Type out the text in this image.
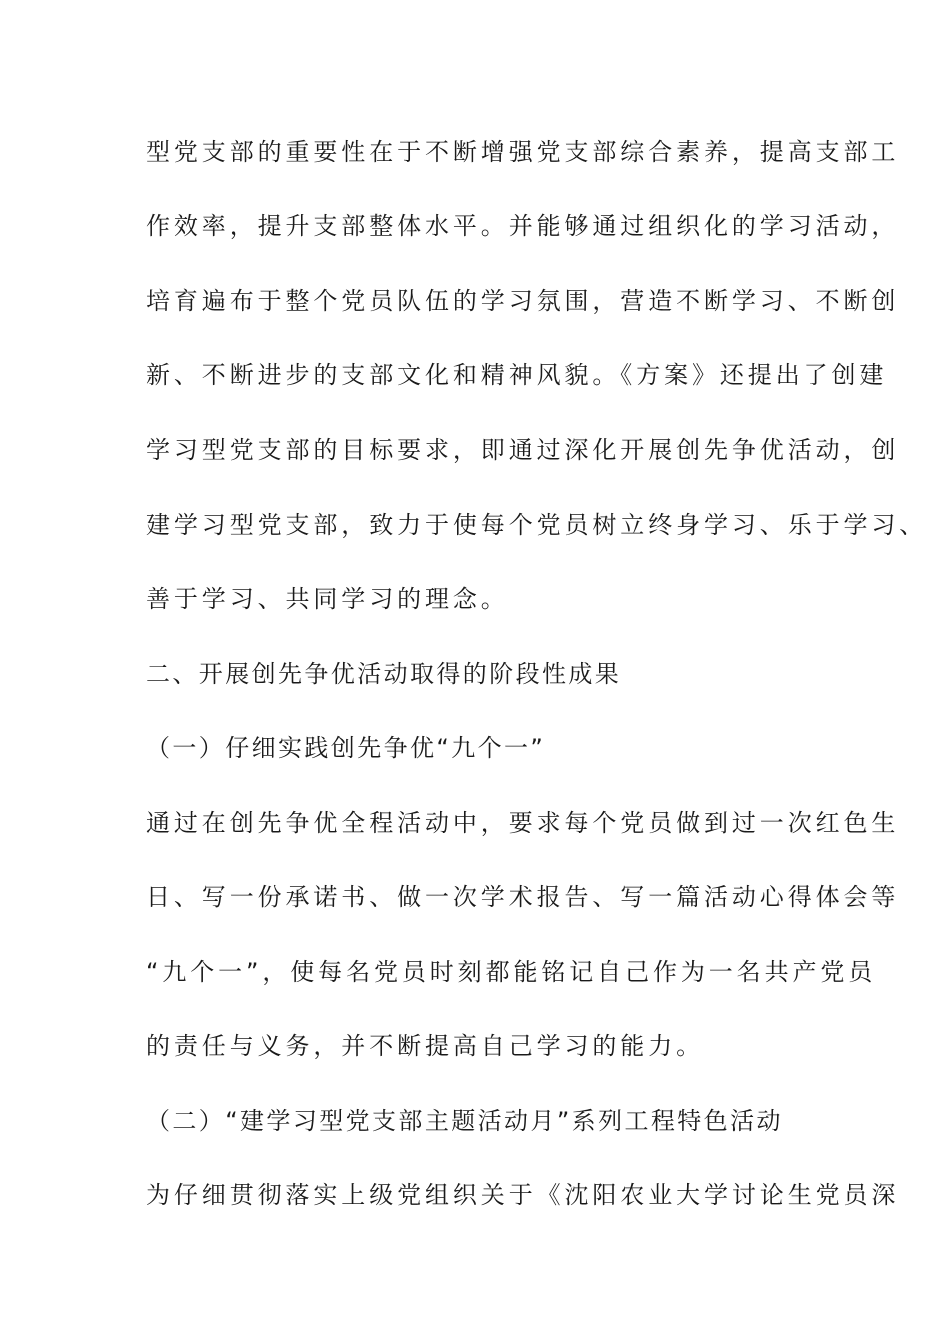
型党支部的重要性在于不断增强党支部综合素养，提高支部工
作效率，提升支部整体水平。并能够通过组织化的学习活动，
培育遍布于整个党员队伍的学习氛围，营造不断学习、不断创
新、不断进步的支部文化和精神风貌。《方案》还提出了创建
学习型党支部的目标要求，即通过深化开展创先争优活动，创
建学习型党支部，致力于使每个党员树立终身学习、乐于学习、
善于学习、共同学习的理念。
二、开展创先争优活动取得的阶段性成果
（一）仔细实践创先争优“九个一”
通过在创先争优全程活动中，要求每个党员做到过一次红色生
日、写一份承诺书、做一次学术报告、写一篇活动心得体会等
“九个一”，使每名党员时刻都能铭记自己作为一名共产党员
的责任与义务，并不断提高自己学习的能力。
（二）“建学习型党支部主题活动月”系列工程特色活动
为仔细贯彻落实上级党组织关于《沈阳农业大学讨论生党员深
